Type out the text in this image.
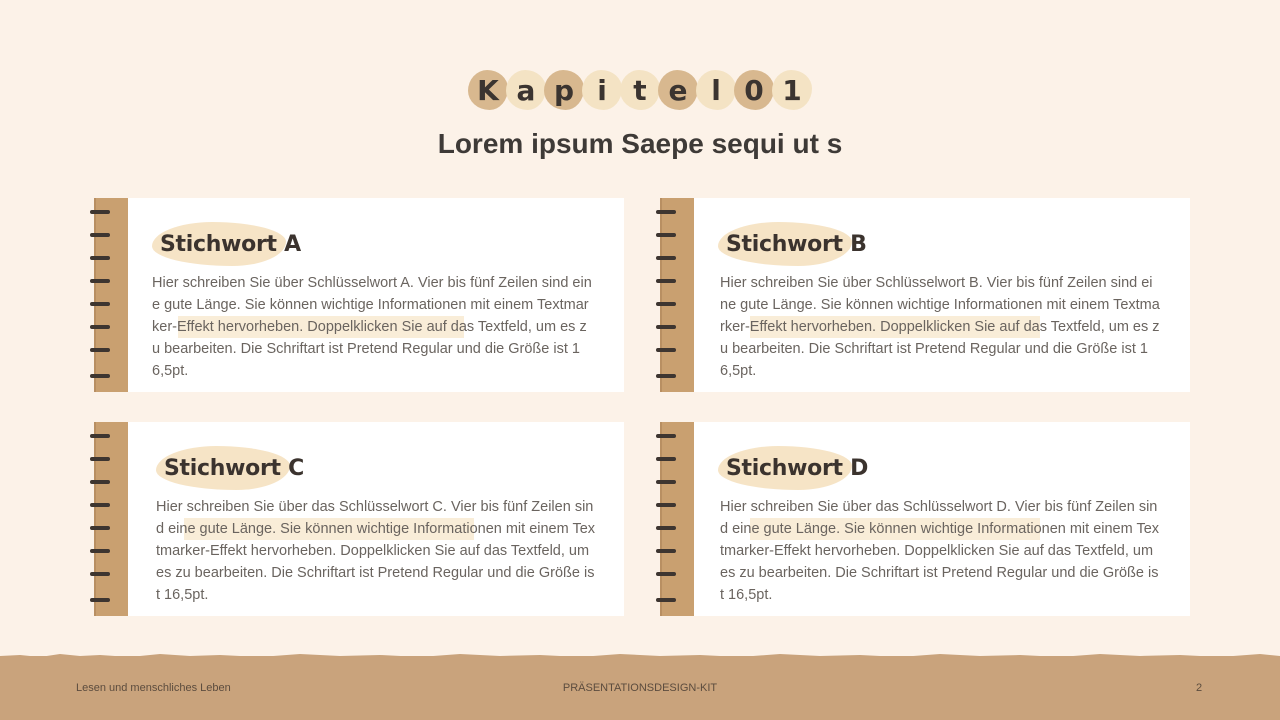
K a p i t e l 0 1
Lorem ipsum Saepe sequi ut s
Stichwort A
Hier schreiben Sie über Schlüsselwort A. Vier bis fünf Zeilen sind eine gute Länge. Sie können wichtige Informationen mit einem Textmarker-Effekt hervorheben. Doppelklicken Sie auf das Textfeld, um es zu bearbeiten. Die Schriftart ist Pretend Regular und die Größe ist 16,5pt.
Stichwort B
Hier schreiben Sie über Schlüsselwort B. Vier bis fünf Zeilen sind eine gute Länge. Sie können wichtige Informationen mit einem Textmarker-Effekt hervorheben. Doppelklicken Sie auf das Textfeld, um es zu bearbeiten. Die Schriftart ist Pretend Regular und die Größe ist 16,5pt.
Stichwort C
Hier schreiben Sie über das Schlüsselwort C. Vier bis fünf Zeilen sind eine gute Länge. Sie können wichtige Informationen mit einem Textmarker-Effekt hervorheben. Doppelklicken Sie auf das Textfeld, um es zu bearbeiten. Die Schriftart ist Pretend Regular und die Größe ist 16,5pt.
Stichwort D
Hier schreiben Sie über das Schlüsselwort D. Vier bis fünf Zeilen sind eine gute Länge. Sie können wichtige Informationen mit einem Textmarker-Effekt hervorheben. Doppelklicken Sie auf das Textfeld, um es zu bearbeiten. Die Schriftart ist Pretend Regular und die Größe ist 16,5pt.
Lesen und menschliches Leben	PRÄSENTATIONSDESIGN-KIT	2
